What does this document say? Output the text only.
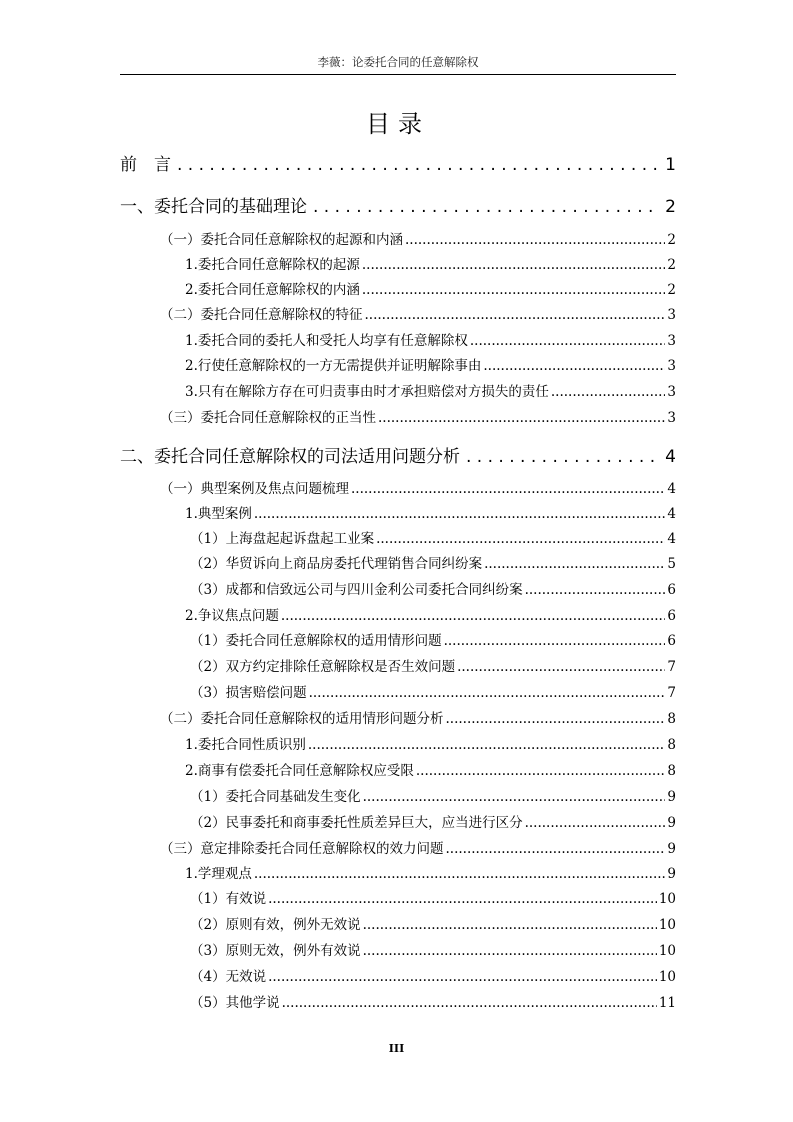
李薇：论委托合同的任意解除权
目录
前　言 . . .	1
一、委托合同的基础理论 . . .	2
（一）委托合同任意解除权的起源和内涵 .....	2
1.委托合同任意解除权的起源 .....	2
2.委托合同任意解除权的内涵 .....	2
（二）委托合同任意解除权的特征 .....	3
1.委托合同的委托人和受托人均享有任意解除权 .....	3
2.行使任意解除权的一方无需提供并证明解除事由 .....	3
3.只有在解除方存在可归责事由时才承担赔偿对方损失的责任 .....	3
（三）委托合同任意解除权的正当性 .....	3
二、委托合同任意解除权的司法适用问题分析 . . .	4
（一）典型案例及焦点问题梳理 .....	4
1.典型案例 .....	4
（1）上海盘起起诉盘起工业案 .....	4
（2）华贸诉向上商品房委托代理销售合同纠纷案 .....	5
（3）成都和信致远公司与四川金利公司委托合同纠纷案 .....	6
2.争议焦点问题 .....	6
（1）委托合同任意解除权的适用情形问题 .....	6
（2）双方约定排除任意解除权是否生效问题 .....	7
（3）损害赔偿问题 .....	7
（二）委托合同任意解除权的适用情形问题分析 .....	8
1.委托合同性质识别 .....	8
2.商事有偿委托合同任意解除权应受限 .....	8
（1）委托合同基础发生变化 .....	9
（2）民事委托和商事委托性质差异巨大，应当进行区分 .....	9
（三）意定排除委托合同任意解除权的效力问题 .....	9
1.学理观点 .....	9
（1）有效说 .....	10
（2）原则有效，例外无效说 .....	10
（3）原则无效，例外有效说 .....	10
（4）无效说 .....	10
（5）其他学说 .....	11
III
